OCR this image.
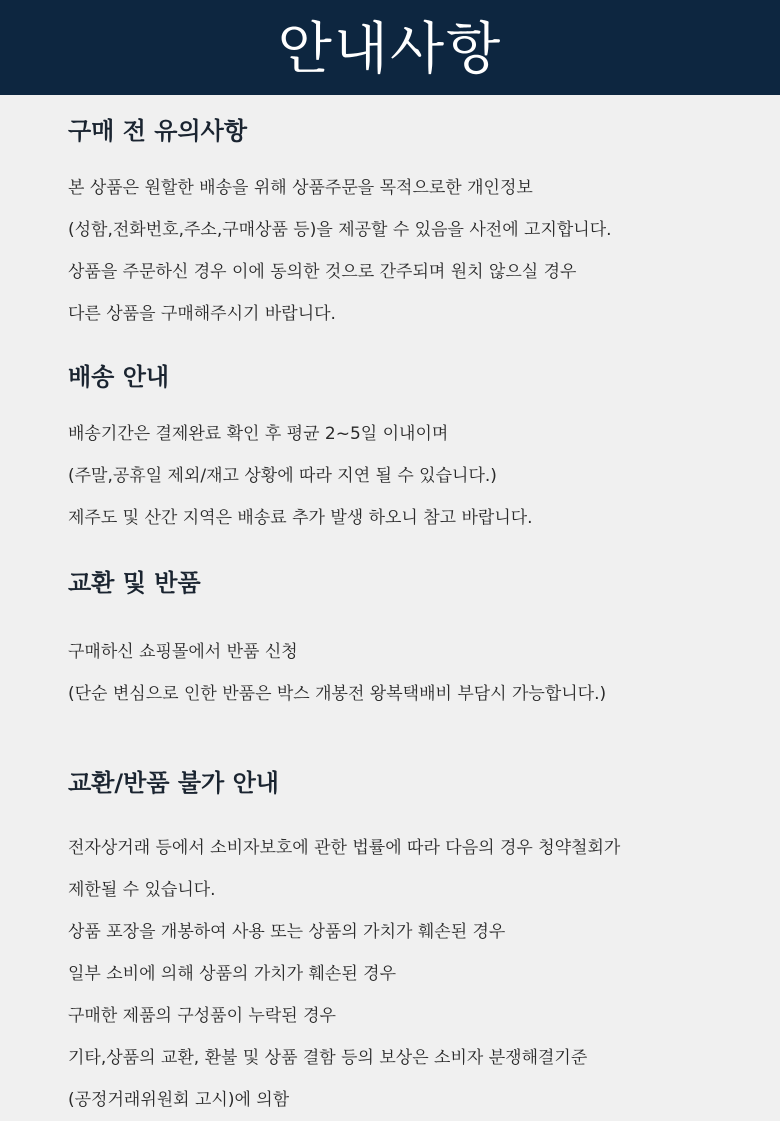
안내사항
구매 전 유의사항
본 상품은 원할한 배송을 위해 상품주문을 목적으로한 개인정보
(성함,전화번호,주소,구매상품 등)을 제공할 수 있음을 사전에 고지합니다.
상품을 주문하신 경우 이에 동의한 것으로 간주되며 원치 않으실 경우
다른 상품을 구매해주시기 바랍니다.
배송 안내
배송기간은 결제완료 확인 후 평균 2~5일 이내이며
(주말,공휴일 제외/재고 상황에 따라 지연 될 수 있습니다.)
제주도 및 산간 지역은 배송료 추가 발생 하오니 참고 바랍니다.
교환 및 반품
구매하신 쇼핑몰에서 반품 신청
(단순 변심으로 인한 반품은 박스 개봉전 왕복택배비 부담시 가능합니다.)
교환/반품 불가 안내
전자상거래 등에서 소비자보호에 관한 법률에 따라 다음의 경우 청약철회가
제한될 수 있습니다.
상품 포장을 개봉하여 사용 또는 상품의 가치가 훼손된 경우
일부 소비에 의해 상품의 가치가 훼손된 경우
구매한 제품의 구성품이 누락된 경우
기타,상품의 교환, 환불 및 상품 결함 등의 보상은 소비자 분쟁해결기준
(공정거래위원회 고시)에 의함
